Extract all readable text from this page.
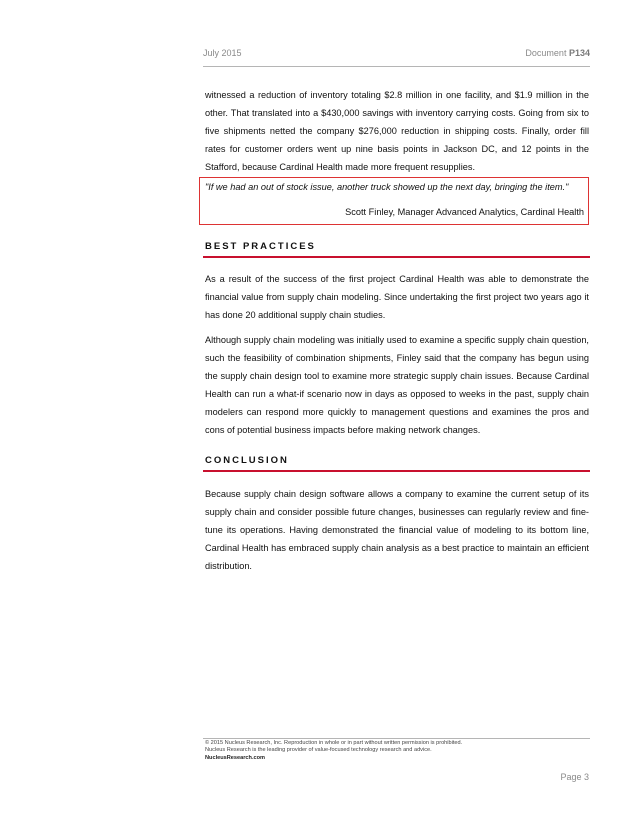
July 2015	Document P134
witnessed a reduction of inventory totaling $2.8 million in one facility, and $1.9 million in the other. That translated into a $430,000 savings with inventory carrying costs. Going from six to five shipments netted the company $276,000 reduction in shipping costs. Finally, order fill rates for customer orders went up nine basis points in Jackson DC, and 12 points in the Stafford, because Cardinal Health made more frequent resupplies.
"If we had an out of stock issue, another truck showed up the next day, bringing the item."
Scott Finley, Manager Advanced Analytics, Cardinal Health
BEST PRACTICES
As a result of the success of the first project Cardinal Health was able to demonstrate the financial value from supply chain modeling. Since undertaking the first project two years ago it has done 20 additional supply chain studies.
Although supply chain modeling was initially used to examine a specific supply chain question, such the feasibility of combination shipments, Finley said that the company has begun using the supply chain design tool to examine more strategic supply chain issues. Because Cardinal Health can run a what-if scenario now in days as opposed to weeks in the past, supply chain modelers can respond more quickly to management questions and examines the pros and cons of potential business impacts before making network changes.
CONCLUSION
Because supply chain design software allows a company to examine the current setup of its supply chain and consider possible future changes, businesses can regularly review and fine-tune its operations. Having demonstrated the financial value of modeling to its bottom line, Cardinal Health has embraced supply chain analysis as a best practice to maintain an efficient distribution.
© 2015 Nucleus Research, Inc. Reproduction in whole or in part without written permission is prohibited.
Nucleus Research is the leading provider of value-focused technology research and advice.
NucleusResearch.com
Page 3
